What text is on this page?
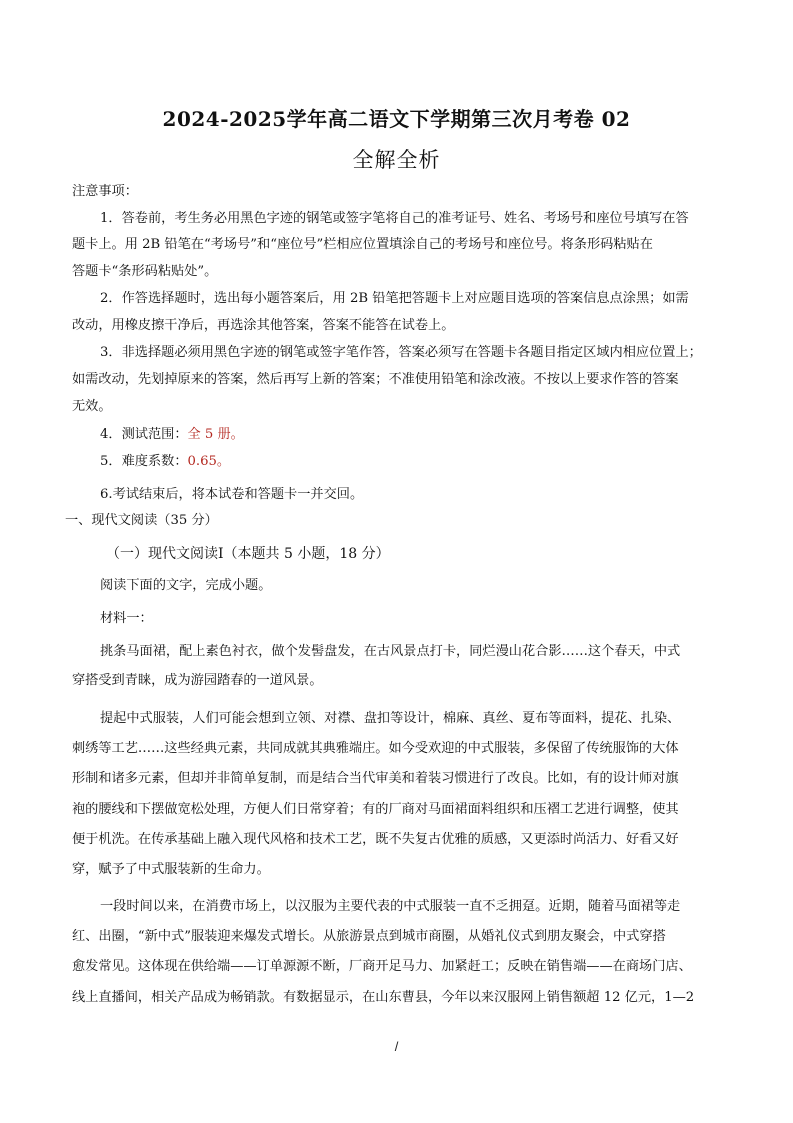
2024-2025学年高二语文下学期第三次月考卷 02
全解全析
注意事项：
1．答卷前，考生务必用黑色字迹的钢笔或签字笔将自己的准考证号、姓名、考场号和座位号填写在答
题卡上。用 2B 铅笔在“考场号”和“座位号”栏相应位置填涂自己的考场号和座位号。将条形码粘贴在
答题卡“条形码粘贴处”。
2．作答选择题时，选出每小题答案后，用 2B 铅笔把答题卡上对应题目选项的答案信息点涂黑；如需
改动，用橡皮擦干净后，再选涂其他答案，答案不能答在试卷上。
3．非选择题必须用黑色字迹的钢笔或签字笔作答，答案必须写在答题卡各题目指定区域内相应位置上；
如需改动，先划掉原来的答案，然后再写上新的答案；不准使用铅笔和涂改液。不按以上要求作答的答案
无效。
4．测试范围：全 5 册。
5．难度系数：0.65。
6.考试结束后，将本试卷和答题卡一并交回。
一、现代文阅读（35 分）
（一）现代文阅读Ⅰ（本题共 5 小题，18 分）
阅读下面的文字，完成小题。
材料一：
挑条马面裙，配上素色衬衣，做个发髻盘发，在古风景点打卡，同烂漫山花合影……这个春天，中式
穿搭受到青睐，成为游园踏春的一道风景。
提起中式服装，人们可能会想到立领、对襟、盘扣等设计，棉麻、真丝、夏布等面料，提花、扎染、
刺绣等工艺……这些经典元素，共同成就其典雅端庄。如今受欢迎的中式服装，多保留了传统服饰的大体
形制和诸多元素，但却并非简单复制，而是结合当代审美和着装习惯进行了改良。比如，有的设计师对旗
袍的腰线和下摆做宽松处理，方便人们日常穿着；有的厂商对马面裙面料组织和压褶工艺进行调整，使其
便于机洗。在传承基础上融入现代风格和技术工艺，既不失复古优雅的质感，又更添时尚活力、好看又好
穿，赋予了中式服装新的生命力。
一段时间以来，在消费市场上，以汉服为主要代表的中式服装一直不乏拥趸。近期，随着马面裙等走
红、出圈，“新中式”服装迎来爆发式增长。从旅游景点到城市商圈，从婚礼仪式到朋友聚会，中式穿搭
愈发常见。这体现在供给端——订单源源不断，厂商开足马力、加紧赶工；反映在销售端——在商场门店、
线上直播间，相关产品成为畅销款。有数据显示，在山东曹县，今年以来汉服网上销售额超 12 亿元，1—2
/
